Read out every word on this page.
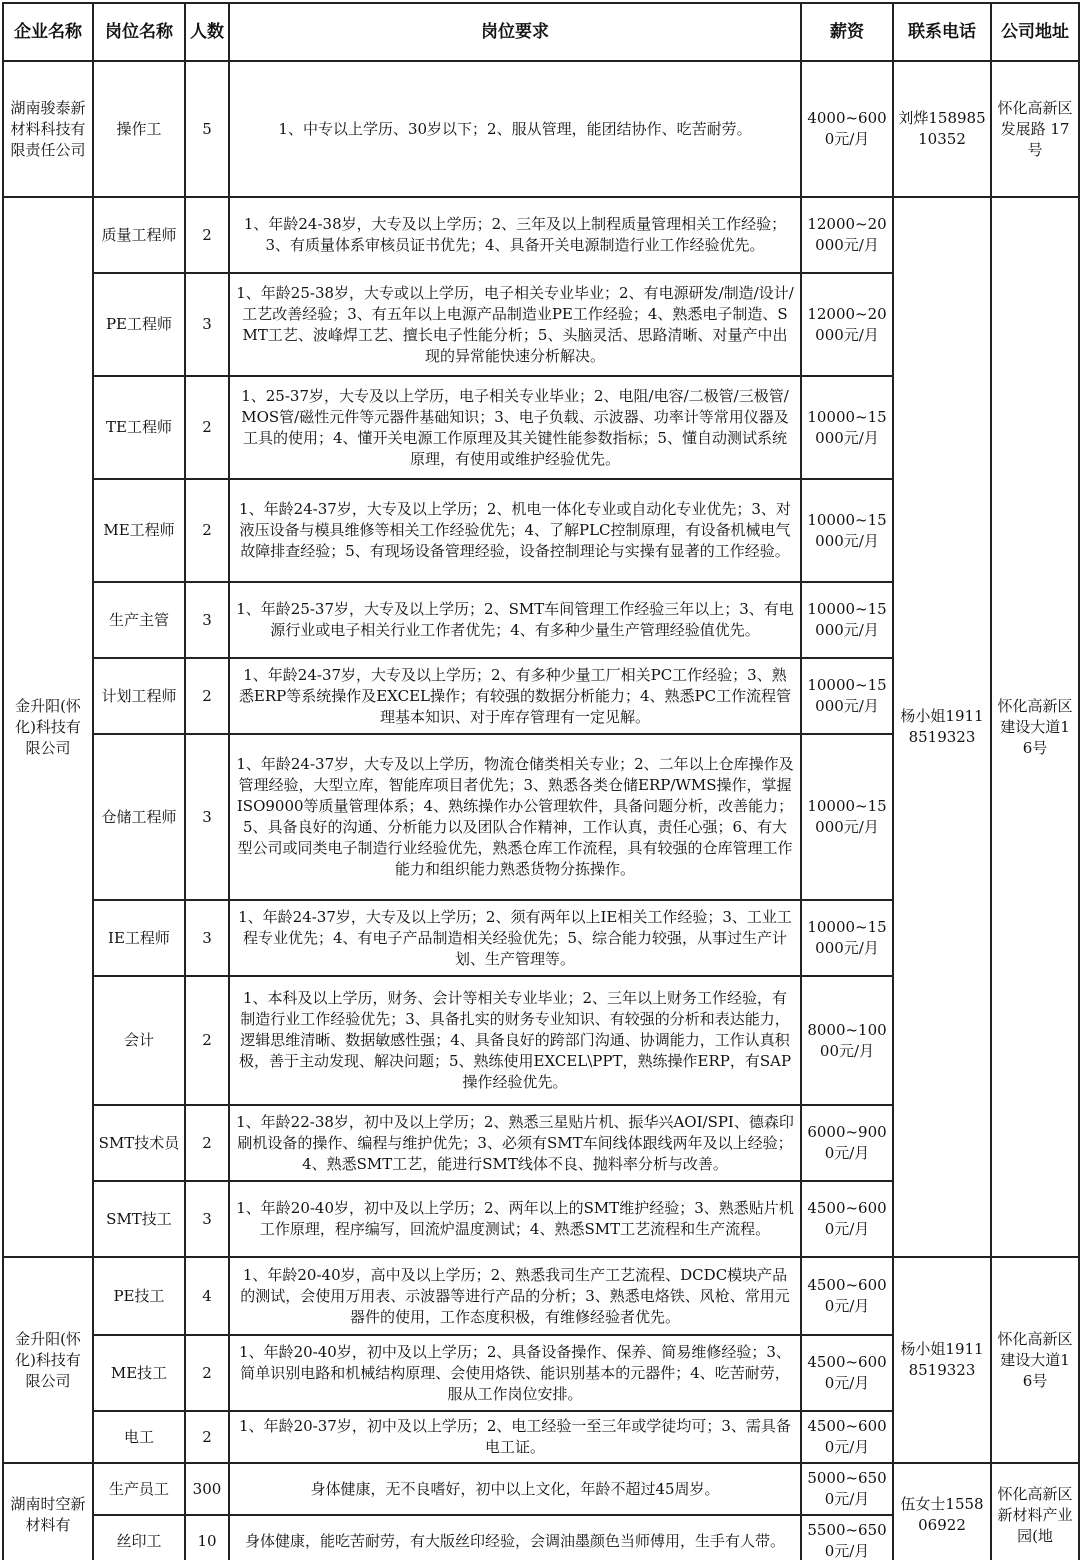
企业名称	岗位名称	人数	岗位要求	薪资	联系电话	公司地址
湖南骏泰新材料科技有限责任公司	操作工	5	1、中专以上学历、30岁以下；2、服从管理，能团结协作、吃苦耐劳。	4000~6000元/月	刘烨15898510352	怀化高新区发展路 17 号
金升阳(怀化)科技有限公司	质量工程师	2	1、年龄24-38岁，大专及以上学历；2、三年及以上制程质量管理相关工作经验；3、有质量体系审核员证书优先；4、具备开关电源制造行业工作经验优先。	12000~20000元/月	杨小姐19118519323	怀化高新区建设大道16号
	PE工程师	3	1、年龄25-38岁，大专或以上学历，电子相关专业毕业；2、有电源研发/制造/设计/工艺改善经验；3、有五年以上电源产品制造业PE工作经验；4、熟悉电子制造、SMT工艺、波峰焊工艺、擅长电子性能分析；5、头脑灵活、思路清晰、对量产中出现的异常能快速分析解决。	12000~20000元/月		
	TE工程师	2	1、25-37岁，大专及以上学历，电子相关专业毕业；2、电阻/电容/二极管/三极管/MOS管/磁性元件等元器件基础知识；3、电子负载、示波器、功率计等常用仪器及工具的使用；4、懂开关电源工作原理及其关键性能参数指标；5、懂自动测试系统原理，有使用或维护经验优先。	10000~15000元/月		
	ME工程师	2	1、年龄24-37岁，大专及以上学历；2、机电一体化专业或自动化专业优先；3、对液压设备与模具维修等相关工作经验优先；4、了解PLC控制原理，有设备机械电气故障排查经验；5、有现场设备管理经验，设备控制理论与实操有显著的工作经验。	10000~15000元/月		
	生产主管	3	1、年龄25-37岁，大专及以上学历；2、SMT车间管理工作经验三年以上；3、有电源行业或电子相关行业工作者优先；4、有多种少量生产管理经验值优先。	10000~15000元/月		
	计划工程师	2	1、年龄24-37岁，大专及以上学历；2、有多种少量工厂相关PC工作经验；3、熟悉ERP等系统操作及EXCEL操作；有较强的数据分析能力；4、熟悉PC工作流程管理基本知识、对于库存管理有一定见解。	10000~15000元/月		
	仓储工程师	3	1、年龄24-37岁，大专及以上学历，物流仓储类相关专业；2、二年以上仓库操作及管理经验，大型立库，智能库项目者优先；3、熟悉各类仓储ERP/WMS操作，掌握ISO9000等质量管理体系；4、熟练操作办公管理软件，具备问题分析，改善能力；5、具备良好的沟通、分析能力以及团队合作精神，工作认真，责任心强；6、有大型公司或同类电子制造行业经验优先，熟悉仓库工作流程，具有较强的仓库管理工作能力和组织能力熟悉货物分拣操作。	10000~15000元/月		
	IE工程师	3	1、年龄24-37岁，大专及以上学历；2、须有两年以上IE相关工作经验；3、工业工程专业优先；4、有电子产品制造相关经验优先；5、综合能力较强，从事过生产计划、生产管理等。	10000~15000元/月		
	会计	2	1、本科及以上学历，财务、会计等相关专业毕业；2、三年以上财务工作经验，有制造行业工作经验优先；3、具备扎实的财务专业知识、有较强的分析和表达能力，逻辑思维清晰、数据敏感性强；4、具备良好的跨部门沟通、协调能力，工作认真积极，善于主动发现、解决问题；5、熟练使用EXCEL\PPT，熟练操作ERP，有SAP操作经验优先。	8000~10000元/月		
	SMT技术员	2	1、年龄22-38岁，初中及以上学历；2、熟悉三星贴片机、振华兴AOI/SPI、德森印刷机设备的操作、编程与维护优先；3、必须有SMT车间线体跟线两年及以上经验；4、熟悉SMT工艺，能进行SMT线体不良、抛料率分析与改善。	6000~9000元/月		
	SMT技工	3	1、年龄20-40岁，初中及以上学历；2、两年以上的SMT维护经验；3、熟悉贴片机工作原理，程序编写，回流炉温度测试；4、熟悉SMT工艺流程和生产流程。	4500~6000元/月		
金升阳(怀化)科技有限公司	PE技工	4	1、年龄20-40岁，高中及以上学历；2、熟悉我司生产工艺流程、DCDC模块产品的测试，会使用万用表、示波器等进行产品的分析；3、熟悉电烙铁、风枪、常用元器件的使用，工作态度积极，有维修经验者优先。	4500~6000元/月	杨小姐19118519323	怀化高新区建设大道16号
	ME技工	2	1、年龄20-40岁，初中及以上学历；2、具备设备操作、保养、简易维修经验；3、简单识别电路和机械结构原理、会使用烙铁、能识别基本的元器件；4、吃苦耐劳，服从工作岗位安排。	4500~6000元/月		
	电工	2	1、年龄20-37岁，初中及以上学历；2、电工经验一至三年或学徒均可；3、需具备电工证。	4500~6000元/月		
湖南时空新材料有	生产员工	300	身体健康，无不良嗜好，初中以上文化，年龄不超过45周岁。	5000~6500元/月	伍女士155806922	怀化高新区新材料产业园(地
	丝印工	10	身体健康，能吃苦耐劳，有大版丝印经验，会调油墨颜色当师傅用，生手有人带。	5500~6500元/月		
